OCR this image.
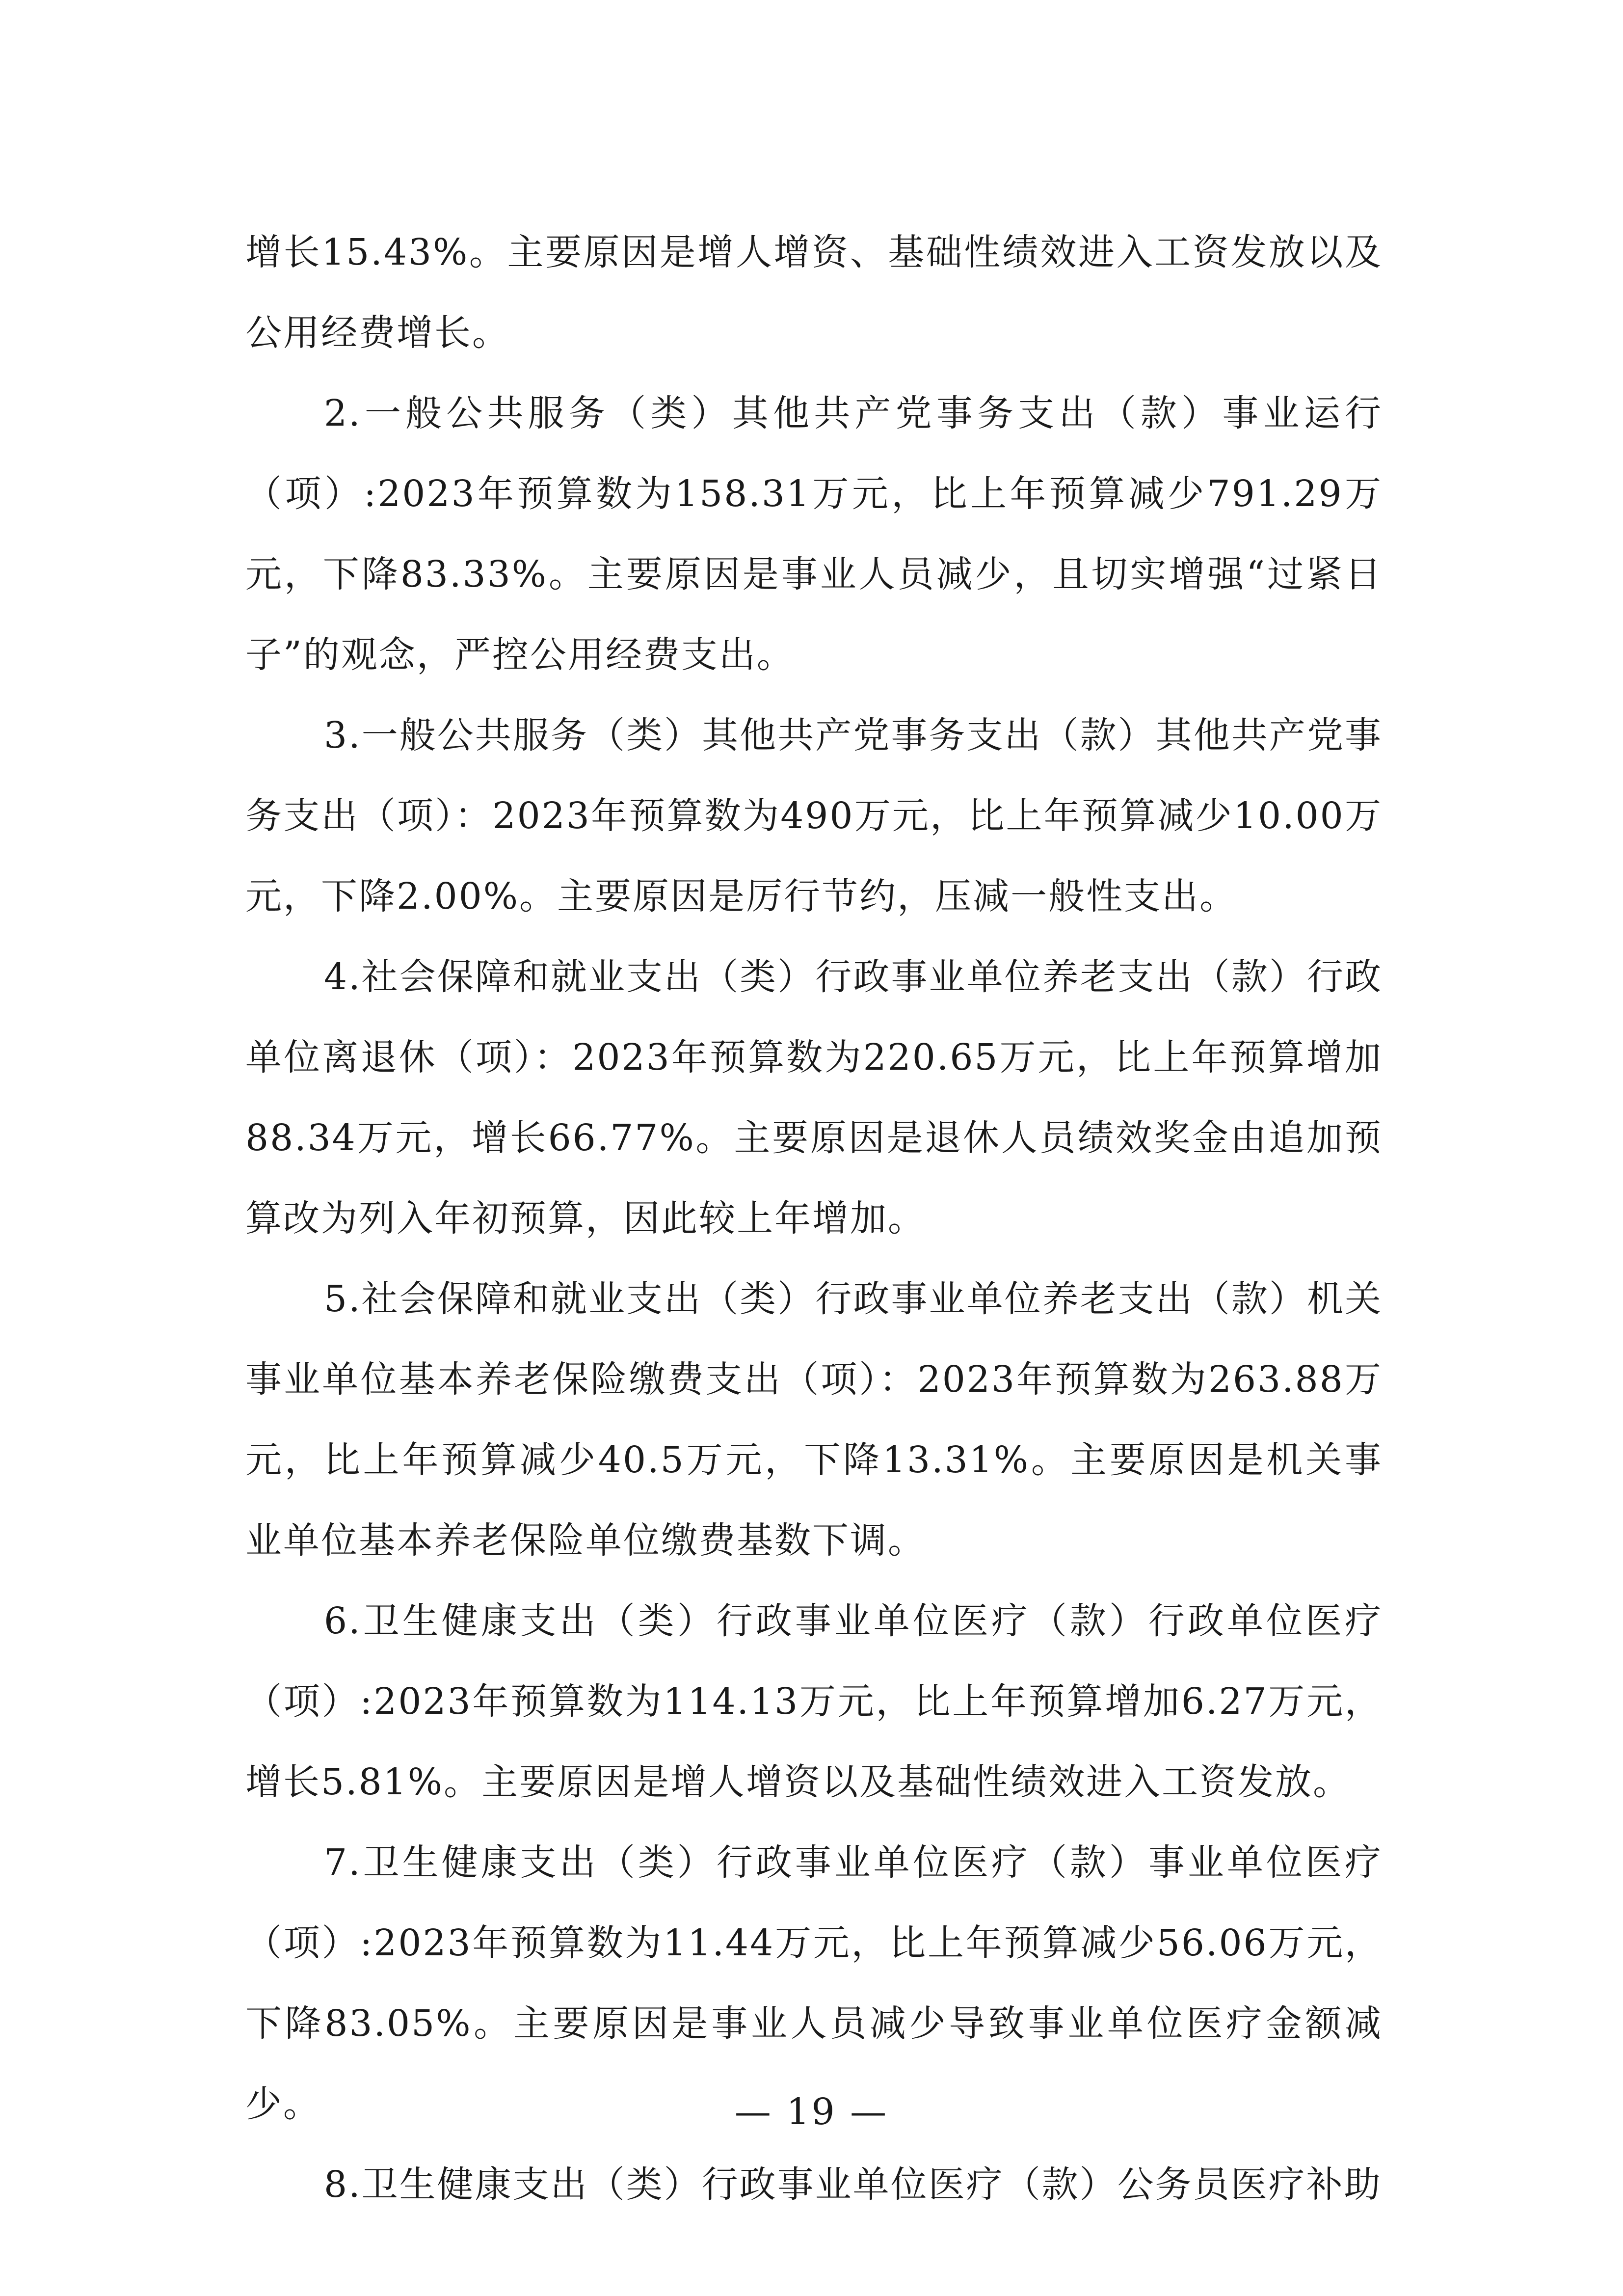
增长15.43%。主要原因是增人增资、基础性绩效进入工资发放以及公用经费增长。

2.一般公共服务（类）其他共产党事务支出（款）事业运行（项）:2023年预算数为158.31万元，比上年预算减少791.29万元，下降83.33%。主要原因是事业人员减少，且切实增强“过紧日子”的观念，严控公用经费支出。

3.一般公共服务（类）其他共产党事务支出（款）其他共产党事务支出（项）：2023年预算数为490万元，比上年预算减少10.00万元，下降2.00%。主要原因是厉行节约，压减一般性支出。

4.社会保障和就业支出（类）行政事业单位养老支出（款）行政单位离退休（项）：2023年预算数为220.65万元，比上年预算增加88.34万元，增长66.77%。主要原因是退休人员绩效奖金由追加预算改为列入年初预算，因此较上年增加。

5.社会保障和就业支出（类）行政事业单位养老支出（款）机关事业单位基本养老保险缴费支出（项）：2023年预算数为263.88万元，比上年预算减少40.5万元，下降13.31%。主要原因是机关事业单位基本养老保险单位缴费基数下调。

6.卫生健康支出（类）行政事业单位医疗（款）行政单位医疗（项）:2023年预算数为114.13万元，比上年预算增加6.27万元，增长5.81%。主要原因是增人增资以及基础性绩效进入工资发放。

7.卫生健康支出（类）行政事业单位医疗（款）事业单位医疗（项）:2023年预算数为11.44万元，比上年预算减少56.06万元，下降83.05%。主要原因是事业人员减少导致事业单位医疗金额减少。

8.卫生健康支出（类）行政事业单位医疗（款）公务员医疗补助

— 19 —
